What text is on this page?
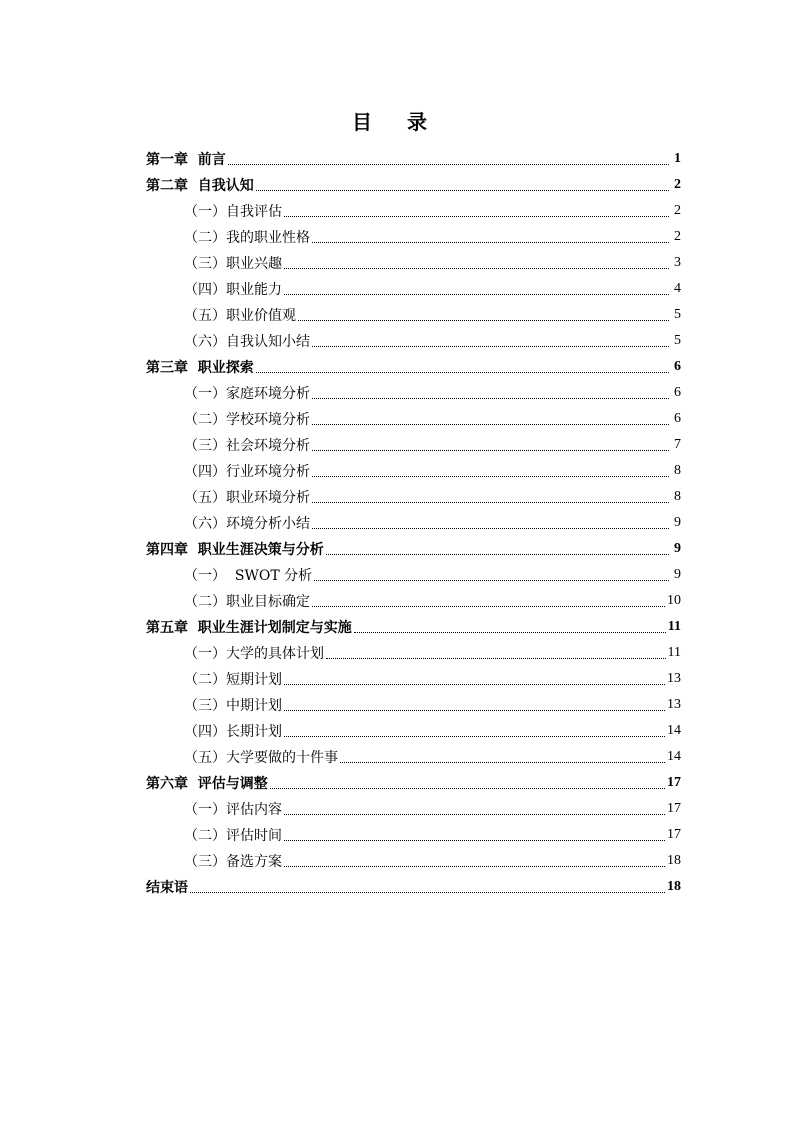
目 录
第一章  前言	1
第二章  自我认知	2
（一）自我评估	2
（二）我的职业性格	2
（三）职业兴趣	3
（四）职业能力	4
（五）职业价值观	5
（六）自我认知小结	5
第三章  职业探索	6
（一）家庭环境分析	6
（二）学校环境分析	6
（三）社会环境分析	7
（四）行业环境分析	8
（五）职业环境分析	8
（六）环境分析小结	9
第四章  职业生涯决策与分析	9
（一）  SWOT 分析	9
（二）职业目标确定	10
第五章  职业生涯计划制定与实施	11
（一）大学的具体计划	11
（二）短期计划	13
（三）中期计划	13
（四）长期计划	14
（五）大学要做的十件事	14
第六章  评估与调整	17
（一）评估内容	17
（二）评估时间	17
（三）备选方案	18
结束语	18
